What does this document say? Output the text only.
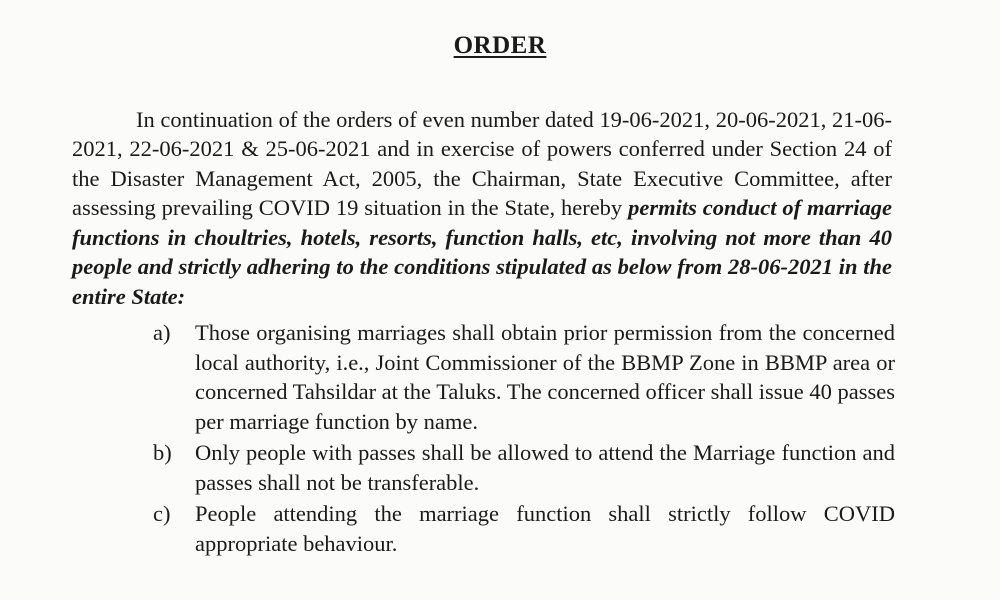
ORDER

In continuation of the orders of even number dated 19-06-2021, 20-06-2021, 21-06-2021, 22-06-2021 & 25-06-2021 and in exercise of powers conferred under Section 24 of the Disaster Management Act, 2005, the Chairman, State Executive Committee, after assessing prevailing COVID 19 situation in the State, hereby permits conduct of marriage functions in choultries, hotels, resorts, function halls, etc, involving not more than 40 people and strictly adhering to the conditions stipulated as below from 28-06-2021 in the entire State:

a) Those organising marriages shall obtain prior permission from the concerned local authority, i.e., Joint Commissioner of the BBMP Zone in BBMP area or concerned Tahsildar at the Taluks. The concerned officer shall issue 40 passes per marriage function by name.
b) Only people with passes shall be allowed to attend the Marriage function and passes shall not be transferable.
c) People attending the marriage function shall strictly follow COVID appropriate behaviour.
